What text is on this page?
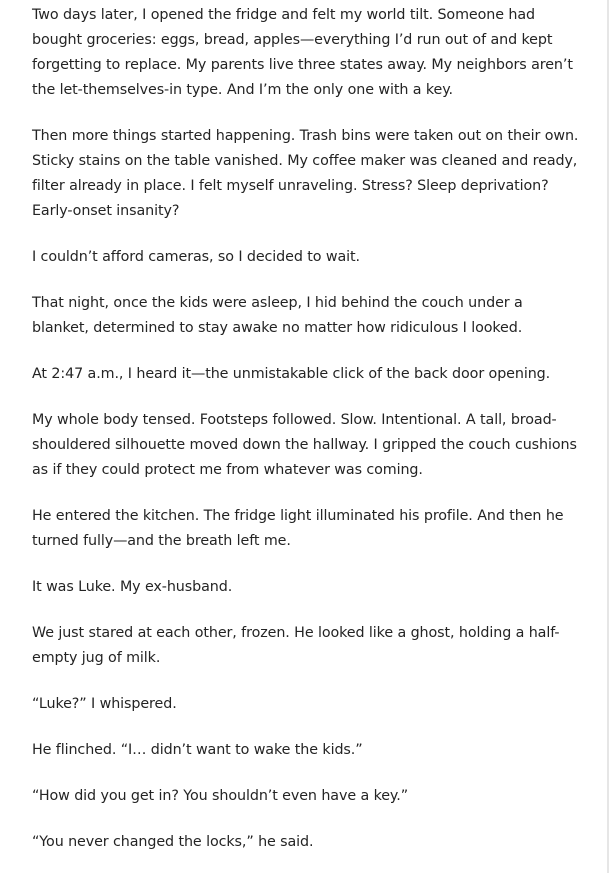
Two days later, I opened the fridge and felt my world tilt. Someone had bought groceries: eggs, bread, apples—everything I’d run out of and kept forgetting to replace. My parents live three states away. My neighbors aren’t the let-themselves-in type. And I’m the only one with a key.

Then more things started happening. Trash bins were taken out on their own. Sticky stains on the table vanished. My coffee maker was cleaned and ready, filter already in place. I felt myself unraveling. Stress? Sleep deprivation? Early-onset insanity?

I couldn’t afford cameras, so I decided to wait.

That night, once the kids were asleep, I hid behind the couch under a blanket, determined to stay awake no matter how ridiculous I looked.

At 2:47 a.m., I heard it—the unmistakable click of the back door opening.

My whole body tensed. Footsteps followed. Slow. Intentional. A tall, broad-shouldered silhouette moved down the hallway. I gripped the couch cushions as if they could protect me from whatever was coming.

He entered the kitchen. The fridge light illuminated his profile. And then he turned fully—and the breath left me.

It was Luke. My ex-husband.

We just stared at each other, frozen. He looked like a ghost, holding a half-empty jug of milk.

“Luke?” I whispered.

He flinched. “I… didn’t want to wake the kids.”

“How did you get in? You shouldn’t even have a key.”

“You never changed the locks,” he said.
